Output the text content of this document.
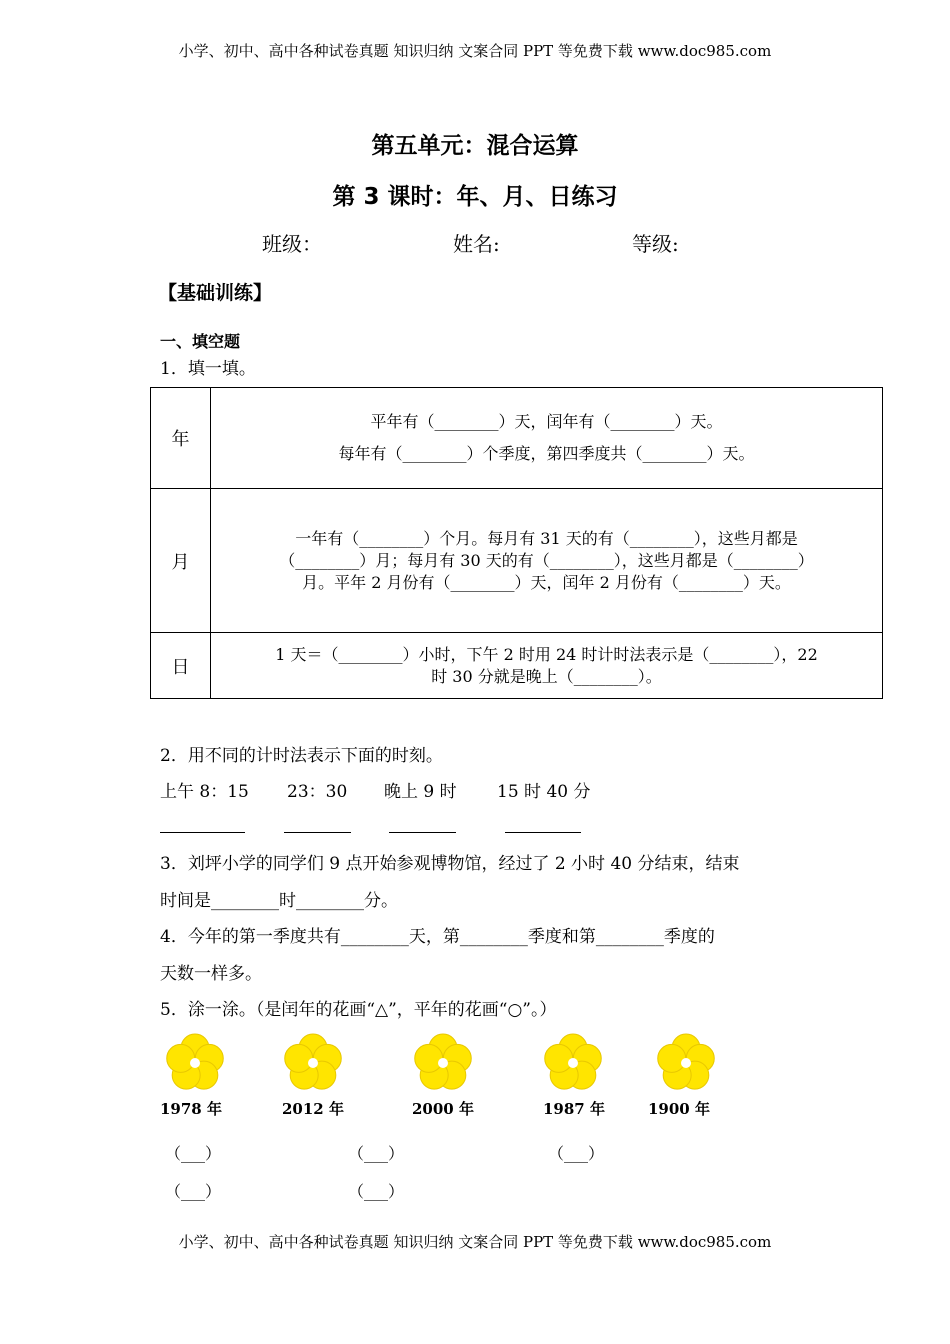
小学、初中、高中各种试卷真题 知识归纳 文案合同 PPT 等免费下载 www.doc985.com
第五单元：混合运算
第 3 课时：年、月、日练习
班级：	姓名:	等级:
【基础训练】
一、填空题
1．填一填。
年	平年有（________）天，闰年有（________）天。
每年有（________）个季度，第四季度共（________）天。

月	一年有（________）个月。每月有 31 天的有（________），这些月都是
（________）月；每月有 30 天的有（________），这些月都是（________）
月。平年 2 月份有（________）天，闰年 2 月份有（________）天。

日	1 天＝（________）小时，下午 2 时用 24 时计时法表示是（________），22
时 30 分就是晚上（________）。
2．用不同的计时法表示下面的时刻。
上午 8：15 23：30 晚上 9 时 15 时 40 分
3．刘坪小学的同学们 9 点开始参观博物馆，经过了 2 小时 40 分结束，结束
时间是________时________分。
4．今年的第一季度共有________天，第________季度和第________季度的
天数一样多。
5．涂一涂。（是闰年的花画“△”，平年的花画“○”。）
1978 年	2012 年	2000 年	1987 年	1900 年
（___）	（___）	（___）
（___）	（___）
小学、初中、高中各种试卷真题 知识归纳 文案合同 PPT 等免费下载 www.doc985.com
